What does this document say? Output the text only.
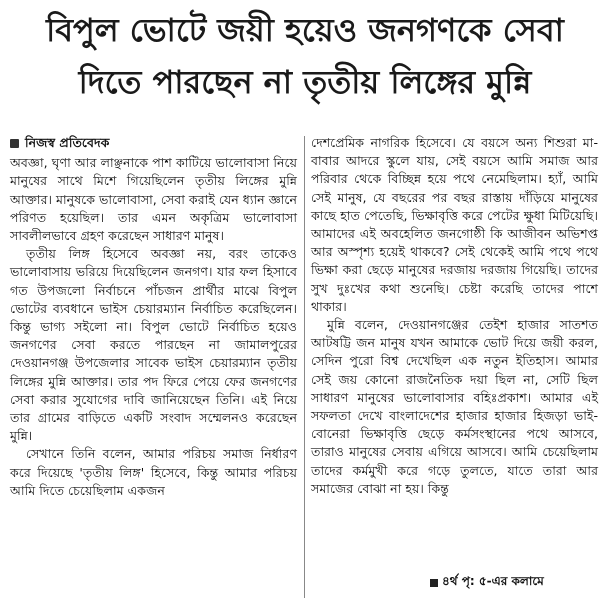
বিপুল ভোটে জয়ী হয়েও জনগণকে সেবা
দিতে পারছেন না তৃতীয় লিঙ্গের মুন্নি
নিজস্ব প্রতিবেদক

অবজ্ঞা, ঘৃণা আর লাঞ্ছনাকে পাশ কাটিয়ে ভালোবাসা নিয়ে মানুষের সাথে মিশে গিয়েছিলেন তৃতীয় লিঙ্গের মুন্নি আক্তার। মানুষকে ভালোবাসা, সেবা করাই যেন ধ্যান জ্ঞানে পরিণত হয়েছিল। তার এমন অকৃত্রিম ভালোবাসা সাবলীলভাবে গ্রহণ করেছেন সাধারণ মানুষ।

তৃতীয় লিঙ্গ হিসেবে অবজ্ঞা নয়, বরং তাকেও ভালোবাসায় ভরিয়ে দিয়েছিলেন জনগণ। যার ফল হিসাবে গত উপজলো নির্বাচনে পাঁচজন প্রার্থীর মাঝে বিপুল ভোটের ব্যবধানে ভাইস চেয়ারম্যান নির্বাচিত করেছিলেন। কিন্তু ভাগ্য সইলো না। বিপুল ভোটে নির্বাচিত হয়েও জনগণের সেবা করতে পারছেন না জামালপুরের দেওয়ানগঞ্জ উপজেলার সাবেক ভাইস চেয়ারম্যান তৃতীয় লিঙ্গের মুন্নি আক্তার। তার পদ ফিরে পেয়ে ফের জনগণের সেবা করার সুযোগের দাবি জানিয়েছেন তিনি। এই নিয়ে তার গ্রামের বাড়িতে একটি সংবাদ সম্মেলনও করেছেন মুন্নি।

সেখানে তিনি বলেন, আমার পরিচয় সমাজ নির্ধারণ করে দিয়েছে 'তৃতীয় লিঙ্গ' হিসেবে, কিন্তু আমার পরিচয় আমি দিতে চেয়েছিলাম একজন

দেশপ্রেমিক নাগরিক হিসেবে। যে বয়সে অন্য শিশুরা মা-বাবার আদরে স্কুলে যায়, সেই বয়সে আমি সমাজ আর পরিবার থেকে বিচ্ছিন্ন হয়ে পথে নেমেছিলাম। হ্যাঁ, আমি সেই মানুষ, যে বছরের পর বছর রাস্তায় দাঁড়িয়ে মানুষের কাছে হাত পেতেছি, ভিক্ষাবৃত্তি করে পেটের ক্ষুধা মিটিয়েছি। আমাদের এই অবহেলিত জনগোষ্ঠী কি আজীবন অভিশপ্ত আর অস্পৃশ্য হয়েই থাকবে? সেই থেকেই আমি পথে পথে ভিক্ষা করা ছেড়ে মানুষের দরজায় দরজায় গিয়েছি। তাদের সুখ দুঃখের কথা শুনেছি। চেষ্টা করেছি তাদের পাশে থাকার।

মুন্নি বলেন, দেওয়ানগঞ্জের তেইশ হাজার সাতশত আটষট্টি জন মানুষ যখন আমাকে ভোট দিয়ে জয়ী করল, সেদিন পুরো বিশ্ব দেখেছিল এক নতুন ইতিহাস। আমার সেই জয় কোনো রাজনৈতিক দয়া ছিল না, সেটি ছিল সাধারণ মানুষের ভালোবাসার বহিঃপ্রকাশ। আমার এই সফলতা দেখে বাংলাদেশের হাজার হাজার হিজড়া ভাই-বোনেরা ভিক্ষাবৃত্তি ছেড়ে কর্মসংস্থানের পথে আসবে, তারাও মানুষের সেবায় এগিয়ে আসবে। আমি চেয়েছিলাম তাদের কর্মমুখী করে গড়ে তুলতে, যাতে তারা আর সমাজের বোঝা না হয়। কিন্তু

৪র্থ পৃ: ৫-এর কলামে
